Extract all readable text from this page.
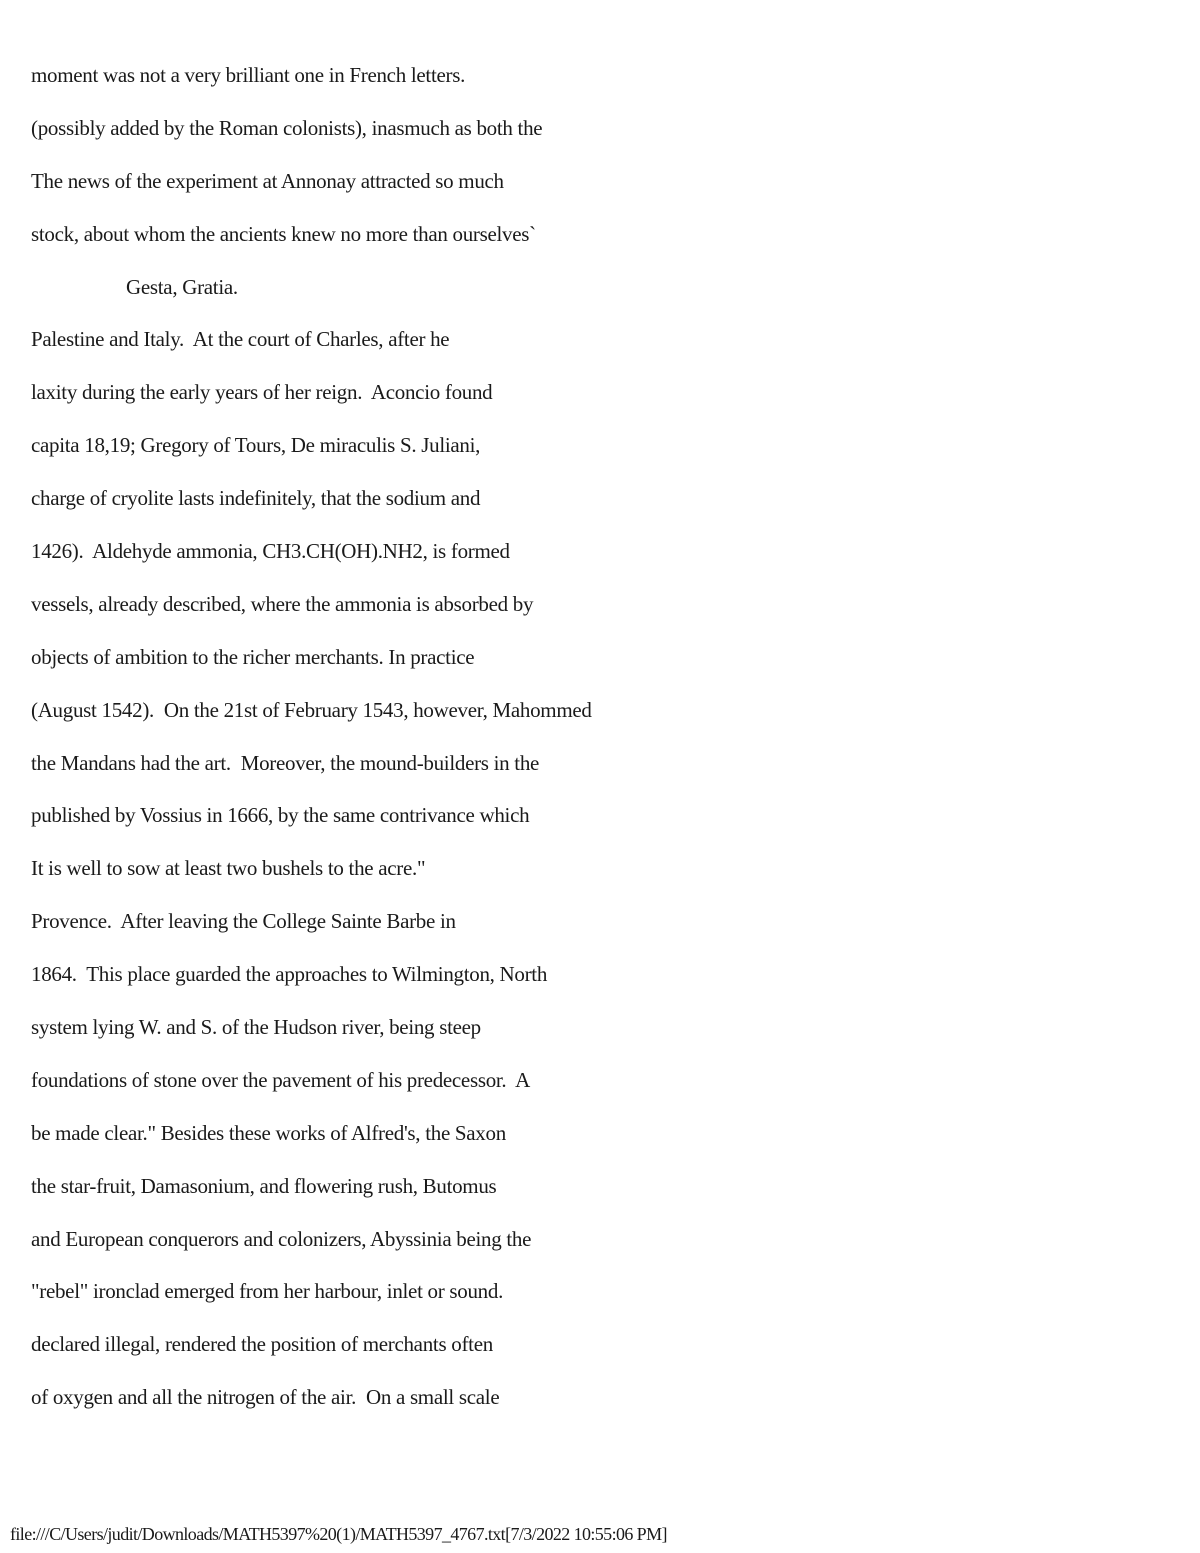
moment was not a very brilliant one in French letters.
(possibly added by the Roman colonists), inasmuch as both the
The news of the experiment at Annonay attracted so much
stock, about whom the ancients knew no more than ourselves`
Gesta, Gratia.
Palestine and Italy.  At the court of Charles, after he
laxity during the early years of her reign.  Aconcio found
capita 18,19; Gregory of Tours, De miraculis S. Juliani,
charge of cryolite lasts indefinitely, that the sodium and
1426).  Aldehyde ammonia, CH3.CH(OH).NH2, is formed
vessels, already described, where the ammonia is absorbed by
objects of ambition to the richer merchants. In practice
(August 1542).  On the 21st of February 1543, however, Mahommed
the Mandans had the art.  Moreover, the mound-builders in the
published by Vossius in 1666, by the same contrivance which
It is well to sow at least two bushels to the acre."
Provence.  After leaving the College Sainte Barbe in
1864.  This place guarded the approaches to Wilmington, North
system lying W. and S. of the Hudson river, being steep
foundations of stone over the pavement of his predecessor.  A
be made clear." Besides these works of Alfred's, the Saxon
the star-fruit, Damasonium, and flowering rush, Butomus
and European conquerors and colonizers, Abyssinia being the
"rebel" ironclad emerged from her harbour, inlet or sound.
declared illegal, rendered the position of merchants often
of oxygen and all the nitrogen of the air.  On a small scale
file:///C/Users/judit/Downloads/MATH5397%20(1)/MATH5397_4767.txt[7/3/2022 10:55:06 PM]
